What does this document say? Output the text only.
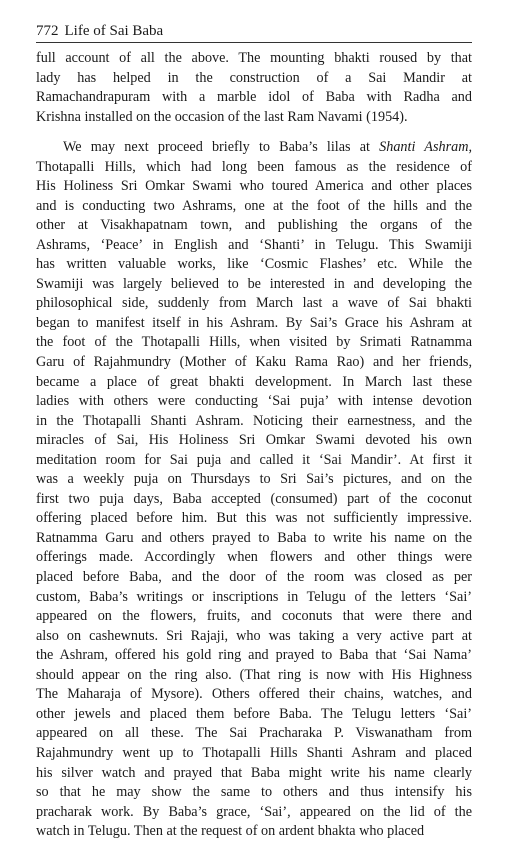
772 Life of Sai Baba
full account of all the above. The mounting bhakti roused by that
lady has helped in the construction of a Sai Mandir at
Ramachandrapuram with a marble idol of Baba with Radha and
Krishna installed on the occasion of the last Ram Navami (1954).
We may next proceed briefly to Baba’s lilas at Shanti Ashram,
Thotapalli Hills, which had long been famous as the residence of
His Holiness Sri Omkar Swami who toured America and other places
and is conducting two Ashrams, one at the foot of the hills and the
other at Visakhapatnam town, and publishing the organs of the
Ashrams, ‘Peace’ in English and ‘Shanti’ in Telugu. This Swamiji
has written valuable works, like ‘Cosmic Flashes’ etc. While the
Swamiji was largely believed to be interested in and developing the
philosophical side, suddenly from March last a wave of Sai bhakti
began to manifest itself in his Ashram. By Sai’s Grace his Ashram at
the foot of the Thotapalli Hills, when visited by Srimati Ratnamma
Garu of Rajahmundry (Mother of Kaku Rama Rao) and her friends,
became a place of great bhakti development. In March last these
ladies with others were conducting ‘Sai puja’ with intense devotion
in the Thotapalli Shanti Ashram. Noticing their earnestness, and the
miracles of Sai, His Holiness Sri Omkar Swami devoted his own
meditation room for Sai puja and called it ‘Sai Mandir’. At first it
was a weekly puja on Thursdays to Sri Sai’s pictures, and on the
first two puja days, Baba accepted (consumed) part of the coconut
offering placed before him. But this was not sufficiently impressive.
Ratnamma Garu and others prayed to Baba to write his name on the
offerings made. Accordingly when flowers and other things were
placed before Baba, and the door of the room was closed as per
custom, Baba’s writings or inscriptions in Telugu of the letters ‘Sai’
appeared on the flowers, fruits, and coconuts that were there and
also on cashewnuts. Sri Rajaji, who was taking a very active part at
the Ashram, offered his gold ring and prayed to Baba that ‘Sai Nama’
should appear on the ring also. (That ring is now with His Highness
The Maharaja of Mysore). Others offered their chains, watches, and
other jewels and placed them before Baba. The Telugu letters ‘Sai’
appeared on all these. The Sai Pracharaka P. Viswanatham from
Rajahmundry went up to Thotapalli Hills Shanti Ashram and placed
his silver watch and prayed that Baba might write his name clearly
so that he may show the same to others and thus intensify his
pracharak work. By Baba’s grace, ‘Sai’, appeared on the lid of the
watch in Telugu. Then at the request of on ardent bhakta who placed
